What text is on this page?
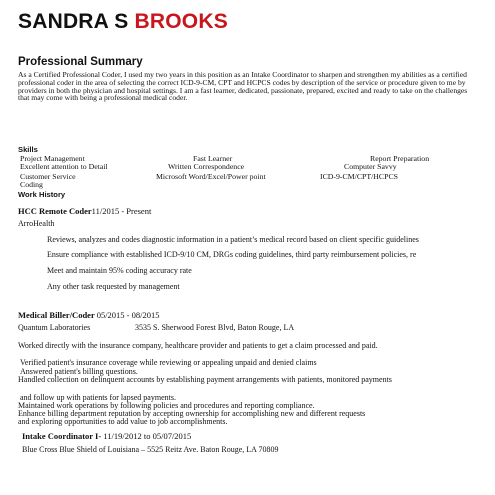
SANDRA S BROOKS
Professional Summary
As a Certified Professional Coder, I used my two years in this position as an Intake Coordinator to sharpen and strengthen my abilities as a certified professional coder in the area of selecting the correct ICD-9-CM, CPT and HCPCS codes by description of the service or procedure given to me by providers in both the physician and hospital settings. I am a fast learner, dedicated, passionate, prepared, excited and ready to take on the challenges that may come with being a professional medical coder.
Skills
Project Management	Fast Learner	Report Preparation
Excellent attention to Detail	Written Correspondence	Computer Savvy
Customer Service	Microsoft Word/Excel/Power point	ICD-9-CM/CPT/HCPCS
Coding
Work History
HCC Remote Coder11/2015 - Present
ArroHealth
Reviews, analyzes and codes diagnostic information in a patient’s medical record based on client specific guidelines
Ensure compliance with established ICD-9/10 CM, DRGs coding guidelines, third party reimbursement policies, re
Meet and maintain 95% coding accuracy rate
Any other task requested by management
Medical Biller/Coder 05/2015 - 08/2015
Quantum Laboratories	3535 S. Sherwood Forest Blvd, Baton Rouge, LA
Worked directly with the insurance company, healthcare provider and patients to get a claim processed and paid.
Verified patient's insurance coverage while reviewing or appealing unpaid and denied claims
Answered patient's billing questions.
Handled collection on delinquent accounts by establishing payment arrangements with patients, monitored payments
and follow up with patients for lapsed payments.
Maintained work operations by following policies and procedures and reporting compliance.
Enhance billing department reputation by accepting ownership for accomplishing new and different requests
and exploring opportunities to add value to job accomplishments.
Intake Coordinator I- 11/19/2012 to 05/07/2015
Blue Cross Blue Shield of Louisiana – 5525 Reitz Ave. Baton Rouge, LA 70809
